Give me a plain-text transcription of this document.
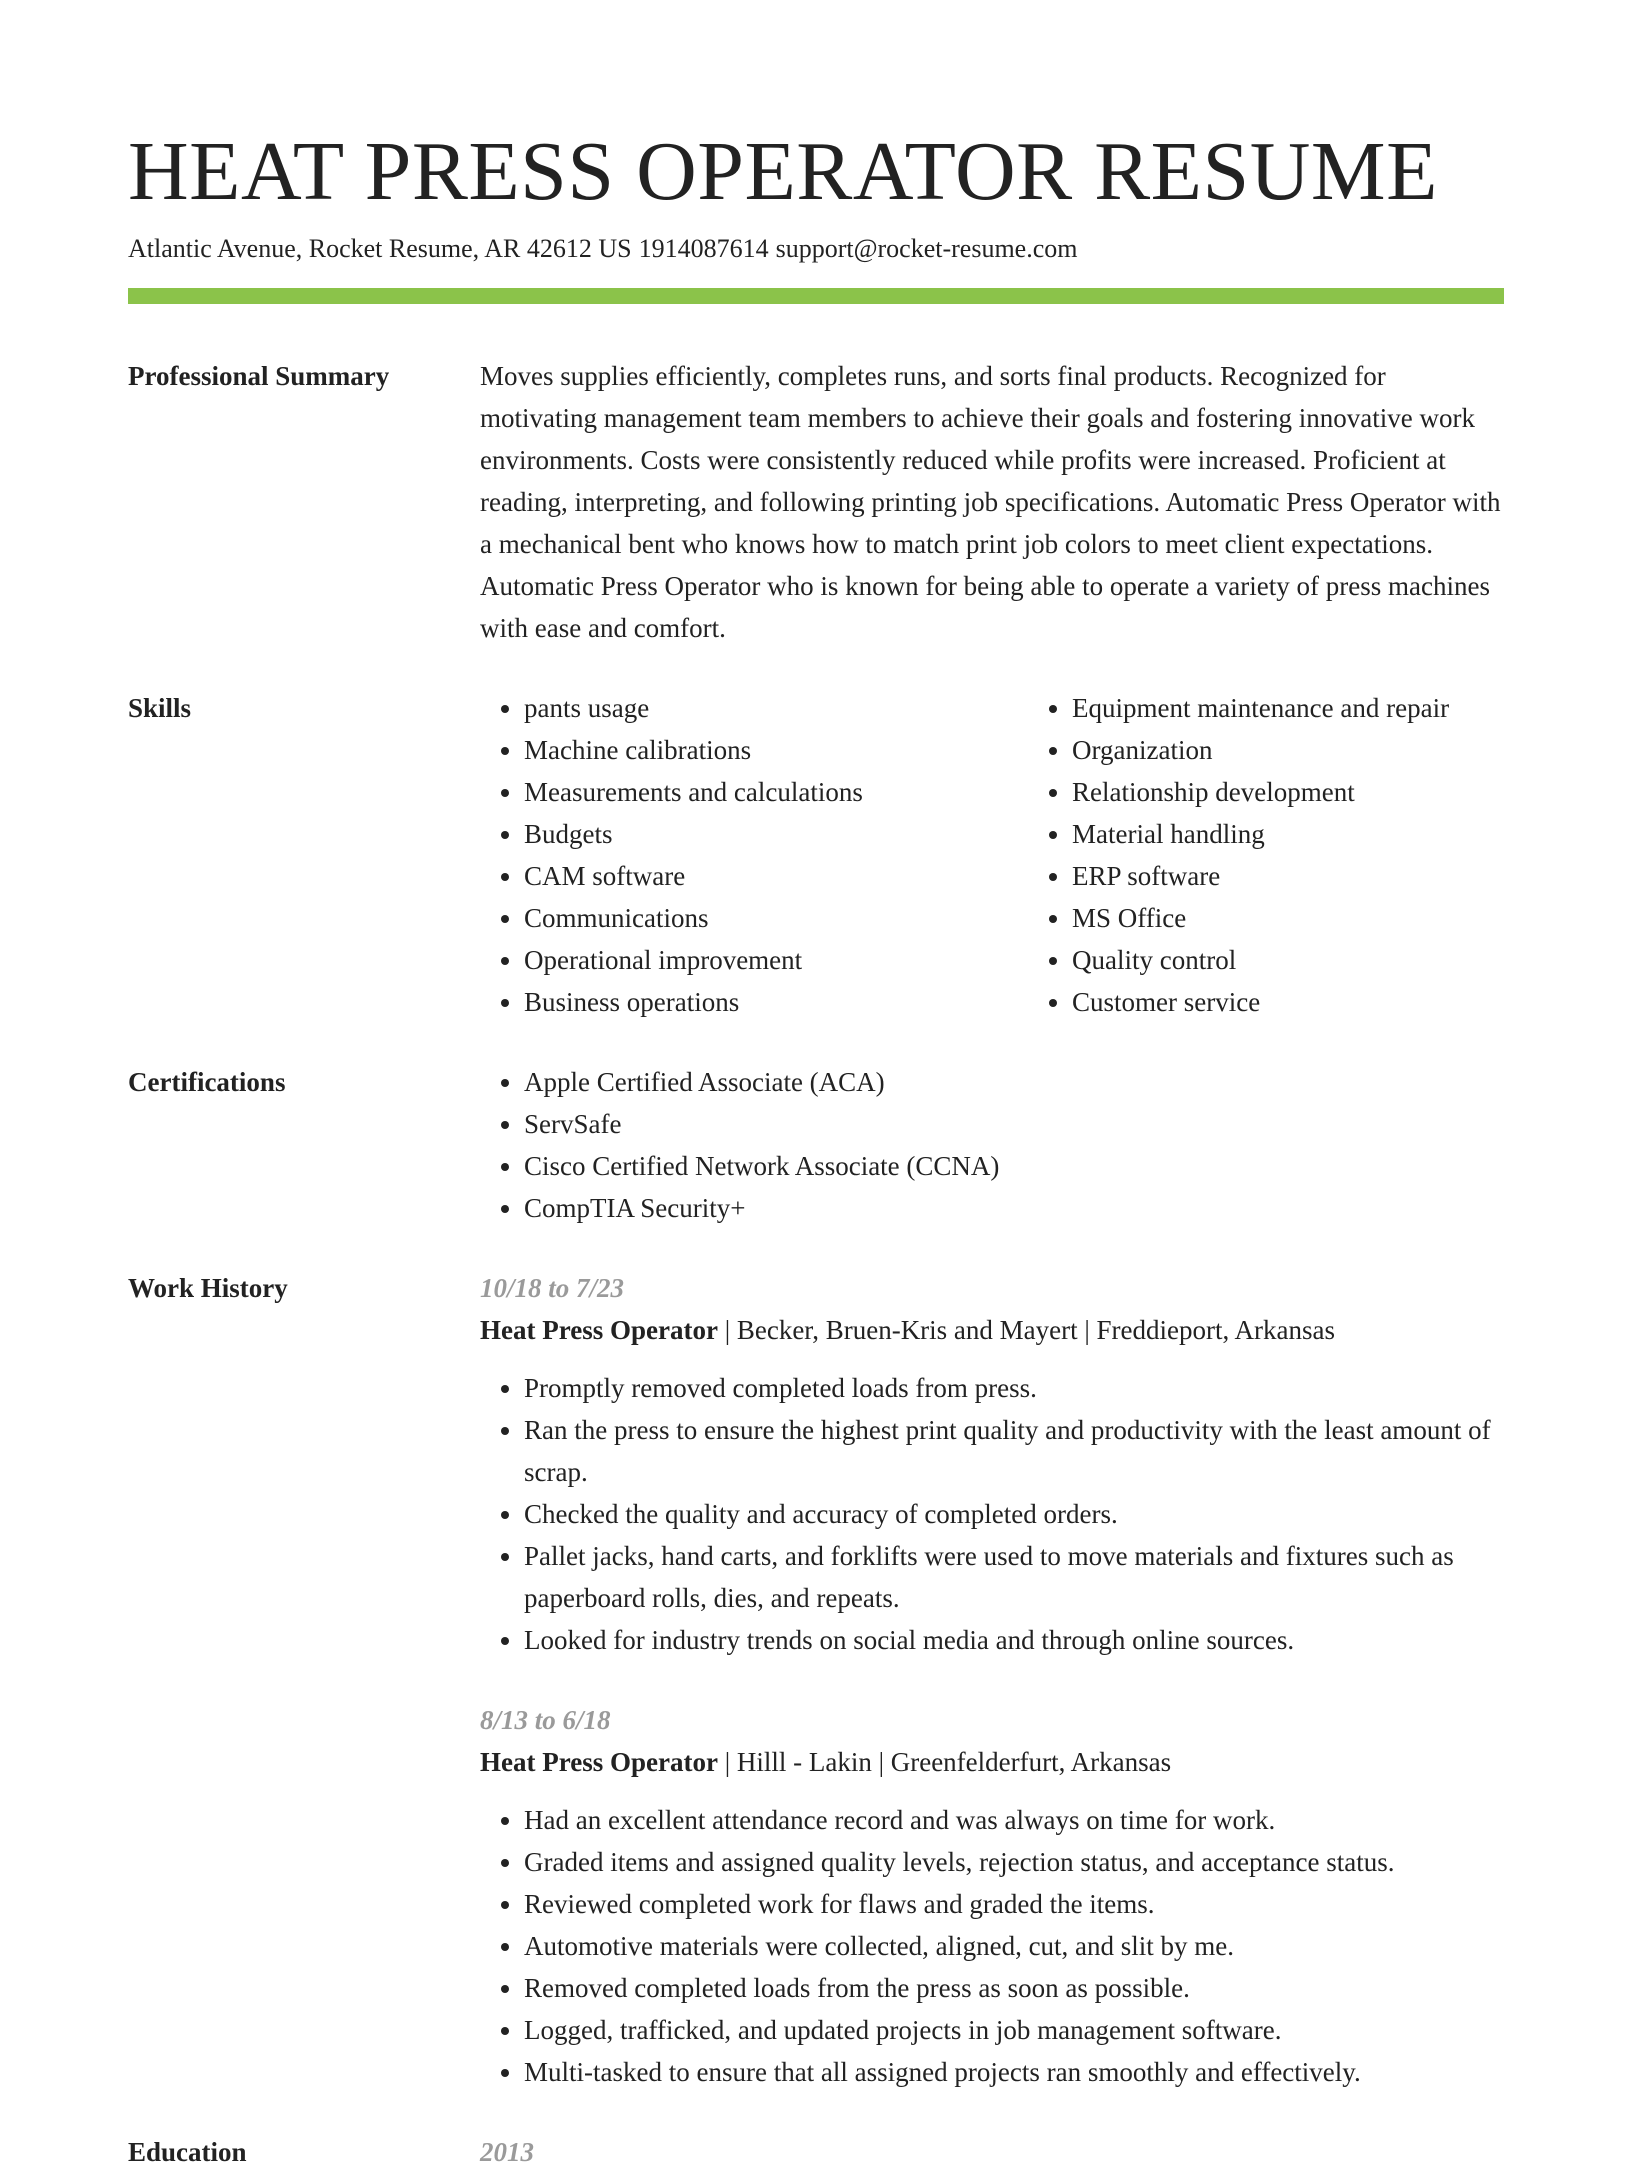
HEAT PRESS OPERATOR RESUME
Atlantic Avenue, Rocket Resume, AR 42612 US 1914087614 support@rocket-resume.com
Professional Summary	Moves supplies efficiently, completes runs, and sorts final products. Recognized for motivating management team members to achieve their goals and fostering innovative work environments. Costs were consistently reduced while profits were increased. Proficient at reading, interpreting, and following printing job specifications. Automatic Press Operator with a mechanical bent who knows how to match print job colors to meet client expectations. Automatic Press Operator who is known for being able to operate a variety of press machines with ease and comfort.

Skills	• pants usage
• Machine calibrations
• Measurements and calculations
• Budgets
• CAM software
• Communications
• Operational improvement
• Business operations
• Equipment maintenance and repair
• Organization
• Relationship development
• Material handling
• ERP software
• MS Office
• Quality control
• Customer service
Certifications	• Apple Certified Associate (ACA)
• ServSafe
• Cisco Certified Network Associate (CCNA)
• CompTIA Security+
Work History	10/18 to 7/23

Heat Press Operator | Becker, Bruen-Kris and Mayert | Freddieport, Arkansas

• Promptly removed completed loads from press.
• Ran the press to ensure the highest print quality and productivity with the least amount of scrap.
• Checked the quality and accuracy of completed orders.
• Pallet jacks, hand carts, and forklifts were used to move materials and fixtures such as paperboard rolls, dies, and repeats.
• Looked for industry trends on social media and through online sources.
8/13 to 6/18

Heat Press Operator | Hilll - Lakin | Greenfelderfurt, Arkansas

• Had an excellent attendance record and was always on time for work.
• Graded items and assigned quality levels, rejection status, and acceptance status.
• Reviewed completed work for flaws and graded the items.
• Automotive materials were collected, aligned, cut, and slit by me.
• Removed completed loads from the press as soon as possible.
• Logged, trafficked, and updated projects in job management software.
• Multi-tasked to ensure that all assigned projects ran smoothly and effectively.
Education	2013
